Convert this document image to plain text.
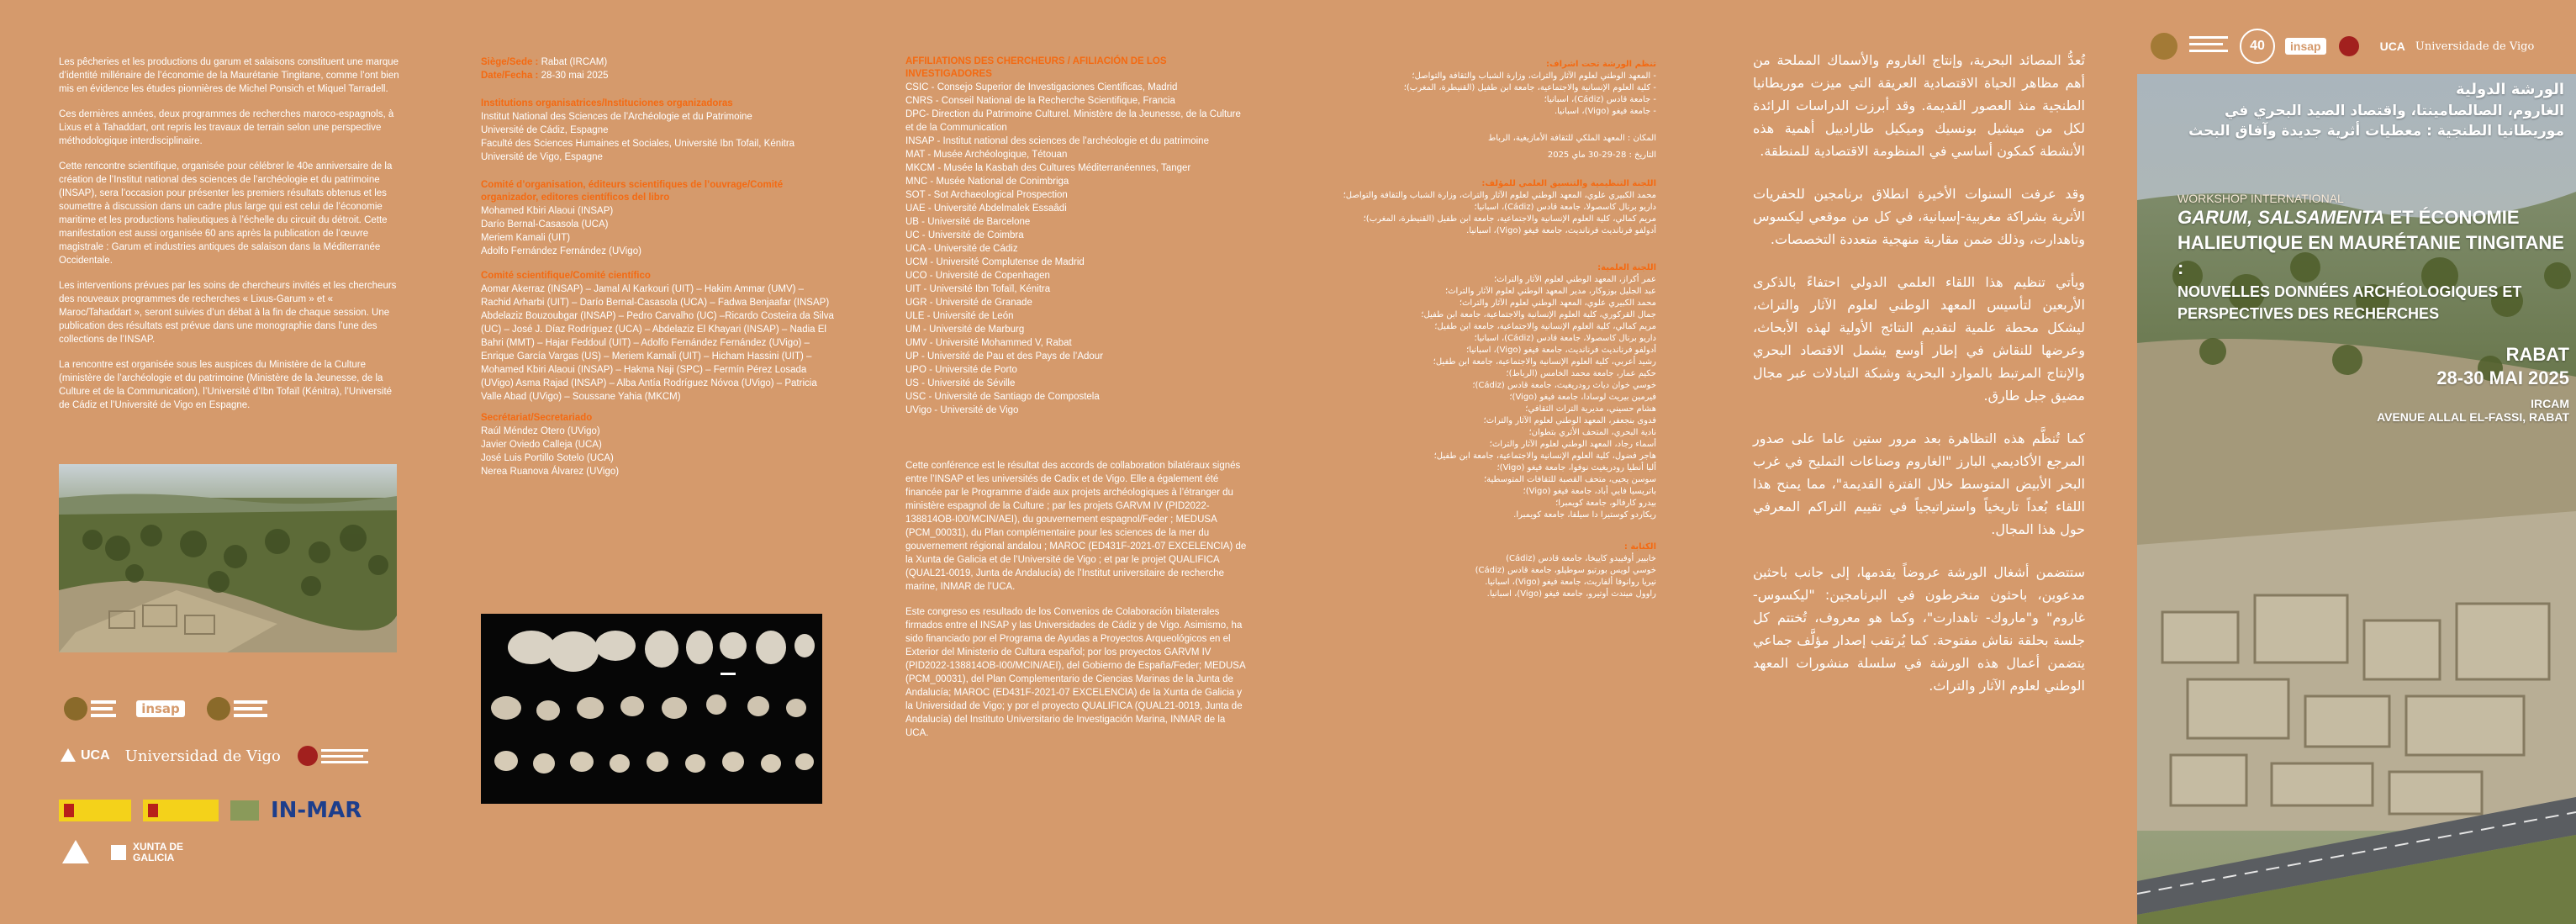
Les pêcheries et les productions du garum et salaisons constituent une marque d’identité millénaire de l’économie de la Maurétanie Tingitane, comme l’ont bien mis en évidence les études pionnières de Michel Ponsich et Miquel Tarradell.

Ces dernières années, deux programmes de recherches maroco-espagnols, à Lixus et à Tahaddart, ont repris les travaux de terrain selon une perspective méthodologique interdisciplinaire.

Cette rencontre scientifique, organisée pour célébrer le 40e anniversaire de la création de l’Institut national des sciences de l’archéologie et du patrimoine (INSAP), sera l’occasion pour présenter les premiers résultats obtenus et les soumettre à discussion dans un cadre plus large qui est celui de l’économie maritime et les productions halieutiques à l’échelle du circuit du détroit. Cette manifestation est aussi organisée 60 ans après la publication de l’œuvre magistrale : Garum et industries antiques de salaison dans la Méditerranée Occidentale.

Les interventions prévues par les soins de chercheurs invités et les chercheurs des nouveaux programmes de recherches « Lixus-Garum » et « Maroc/Tahaddart », seront suivies d’un débat à la fin de chaque session. Une publication des résultats est prévue dans une monographie dans l’une des collections de l’INSAP.

La rencontre est organisée sous les auspices du Ministère de la Culture (ministère de l’archéologie et du patrimoine (Ministère de la Jeunesse, de la Culture et de la Communication), l’Université d’Ibn Tofaïl (Kénitra), l’Université de Cádiz et l’Université de Vigo en Espagne.

insap
UCA Universidad de Vigo
IN-MAR
XUNTA DE GALICIA
Siège/Sede : Rabat (IRCAM)
Date/Fecha : 28-30 mai 2025
Institutions organisatrices/Instituciones organizadoras
Institut National des Sciences de l’Archéologie et du Patrimoine
Université de Cádiz, Espagne
Faculté des Sciences Humaines et Sociales, Université Ibn Tofail, Kénitra
Université de Vigo, Espagne
Comité d’organisation, éditeurs scientifiques de l’ouvrage/Comité organizador, editores científicos del libro
Mohamed Kbiri Alaoui (INSAP)
Darío Bernal-Casasola (UCA)
Meriem Kamali (UIT)
Adolfo Fernández Fernández (UVigo)
Comité scientifique/Comité científico
Aomar Akerraz (INSAP) – Jamal Al Karkouri (UIT) – Hakim Ammar (UMV) – Rachid Arharbi (UIT) – Darío Bernal-Casasola (UCA) – Fadwa Benjaafar (INSAP) Abdelaziz Bouzoubgar (INSAP) – Pedro Carvalho (UC) –Ricardo Costeira da Silva (UC) – José J. Díaz Rodríguez (UCA) – Abdelaziz El Khayari (INSAP) – Nadia El Bahri (MMT) – Hajar Feddoul (UIT) – Adolfo Fernández Fernández (UVigo) – Enrique García Vargas (US) – Meriem Kamali (UIT) – Hicham Hassini (UIT) – Mohamed Kbiri Alaoui (INSAP) – Hakma Naji (SPC) – Fermín Pérez Losada (UVigo) Asma Rajad (INSAP) – Alba Antía Rodríguez Nóvoa (UVigo) – Patricia Valle Abad (UVigo) – Soussane Yahia (MKCM)
Secrétariat/Secretariado
Raúl Méndez Otero (UVigo)
Javier Oviedo Calleja (UCA)
José Luis Portillo Sotelo (UCA)
Nerea Ruanova Álvarez (UVigo)
AFFILIATIONS DES CHERCHEURS / AFILIACIÓN DE LOS INVESTIGADORES
CSIC - Consejo Superior de Investigaciones Científicas, Madrid
CNRS - Conseil National de la Recherche Scientifique, Francia
DPC- Direction du Patrimoine Culturel. Ministère de la Jeunesse, de la Culture et de la Communication
INSAP - Institut national des sciences de l’archéologie et du patrimoine
MAT - Musée Archéologique, Tétouan
MKCM - Musée la Kasbah des Cultures Méditerranéennes, Tanger
MNC - Musée National de Conimbriga
SOT - Sot Archaeological Prospection
UAE - Université Abdelmalek Essaâdi
UB - Université de Barcelone
UC - Université de Coimbra
UCA - Université de Cádiz
UCM - Université Complutense de Madrid
UCO - Université de Copenhagen
UIT - Université Ibn Tofaïl, Kénitra
UGR - Université de Granade
ULE - Université de León
UM - Université de Marburg
UMV - Université Mohammed V, Rabat
UP - Université de Pau et des Pays de l’Adour
UPO - Université de Porto
US - Université de Séville
USC - Université de Santiago de Compostela
UVigo - Université de Vigo

Cette conférence est le résultat des accords de collaboration bilatéraux signés entre l’INSAP et les universités de Cadix et de Vigo. Elle a également été financée par le Programme d’aide aux projets archéologiques à l’étranger du ministère espagnol de la Culture ; par les projets GARVM IV (PID2022-138814OB-I00/MCIN/AEI), du gouvernement espagnol/Feder ; MEDUSA (PCM_00031), du Plan complémentaire pour les sciences de la mer du gouvernement régional andalou ; MAROC (ED431F-2021-07 EXCELENCIA) de la Xunta de Galicia et de l’Université de Vigo ; et par le projet QUALIFICA (QUAL21-0019, Junta de Andalucía) de l’Institut universitaire de recherche marine, INMAR de l’UCA.

Este congreso es resultado de los Convenios de Colaboración bilaterales firmados entre el INSAP y las Universidades de Cádiz y de Vigo. Asimismo, ha sido financiado por el Programa de Ayudas a Proyectos Arqueológicos en el Exterior del Ministerio de Cultura español; por los proyectos GARVM IV (PID2022-138814OB-I00/MCIN/AEI), del Gobierno de España/Feder; MEDUSA (PCM_00031), del Plan Complementario de Ciencias Marinas de la Junta de Andalucía; MAROC (ED431F-2021-07 EXCELENCIA) de la Xunta de Galicia y la Universidad de Vigo; y por el proyecto QUALIFICA (QUAL21-0019, Junta de Andalucía) del Instituto Universitario de Investigación Marina, INMAR de la UCA.

تنظم الورشة تحت اشراف:
- المعهد الوطني لعلوم الآثار والتراث، وزارة الشباب والثقافة والتواصل؛
- كلية العلوم الإنسانية والاجتماعية، جامعة ابن طفيل (القنيطرة، المغرب)؛
- جامعة قادس (Cádiz)، اسبانيا؛
- جامعة فيغو (Vigo)، اسبانيا.
المكان : المعهد الملكي للثقافة الأمازيغية، الرباط
التاريخ : 28-29-30 ماي 2025
اللجنة التنظيمية والتنسيق العلمي للمؤلف:
محمد الكبيري علوي، المعهد الوطني لعلوم الآثار والتراث، وزارة الشباب والثقافة والتواصل؛
داريو برنال كاسصولا، جامعة قادس (Cádiz)، اسبانيا؛
مريم كمالي، كلية العلوم الإنسانية والاجتماعية، جامعة ابن طفيل (القنيطرة، المغرب)؛
أدولفو فرنانديث فرنانديث، جامعة فيغو (Vigo)، اسبانيا.
اللجنة العلمية:
عمر أكراز، المعهد الوطني لعلوم الآثار والتراث؛
عبد الجليل بوزوكار، مدير المعهد الوطني لعلوم الآثار والتراث؛
محمد الكبيري علوي، المعهد الوطني لعلوم الآثار والتراث؛
جمال القركوري، كلية العلوم الإنسانية والاجتماعية، جامعة ابن طفيل؛
مريم كمالي، كلية العلوم الإنسانية والاجتماعية، جامعة ابن طفيل؛
داريو برنال كاسصولا، جامعة قادس (Cádiz)، اسبانيا؛
أدولفو فرنانديث فرنانديث، جامعة فيغو (Vigo)، اسبانيا؛
رشيد أعربي، كلية العلوم الإنسانية والاجتماعية، جامعة ابن طفيل؛
حكيم عمار، جامعة محمد الخامس (الرباط)؛
خوسي خوان دياث رودريغيث، جامعة قادس (Cádiz)؛
فيرمين بيريث لوسادا، جامعة فيغو (Vigo)؛
هشام حسيني، مديرية التراث الثقافي؛
فدوى بنجعفر، المعهد الوطني لعلوم الآثار والتراث؛
نادية البحري، المتحف الأثري بتطوان؛
أسماء رجاد، المعهد الوطني لعلوم الآثار والتراث؛
هاجر فضول، كلية العلوم الإنسانية والاجتماعية، جامعة ابن طفيل؛
ألبا أنطيا رودريغيث نوفوا، جامعة فيغو (Vigo)؛
سوسن يحيى، متحف القصبة للثقافات المتوسطية؛
باتريسيا فايي أباد، جامعة فيغو (Vigo)؛
بيدرو كارفالو، جامعة كويمبرا؛
ريكاردو كوستيرا دا سيلفا، جامعة كويمبرا.
الكتابة :
خابيير أوفييدو كاييخا، جامعة قادس (Cádiz)
خوسي لويس بورتيو سوطيلو، جامعة قادس (Cádiz)
نيريا روانوفا ألفاريث، جامعة فيغو (Vigo)، اسبانيا.
راوول ميندث أوتيرو، جامعة فيغو (Vigo)، اسبانيا.

تُعدُّ المصائد البحرية، وإنتاج الغاروم والأسماك المملحة من أهم مظاهر الحياة الاقتصادية العريقة التي ميزت موريطانيا الطنجية منذ العصور القديمة. وقد أبرزت الدراسات الرائدة لكل من ميشيل بونسيك وميكيل طارادييل أهمية هذه الأنشطة كمكون أساسي في المنظومة الاقتصادية للمنطقة.

وقد عرفت السنوات الأخيرة انطلاق برنامجين للحفريات الأثرية بشراكة مغربية-إسبانية، في كل من موقعي ليكسوس وتاهدارت، وذلك ضمن مقاربة منهجية متعددة التخصصات.

ويأتي تنظيم هذا اللقاء العلمي الدولي احتفاءً بالذكرى الأربعين لتأسيس المعهد الوطني لعلوم الآثار والتراث، ليشكل محطة علمية لتقديم النتائج الأولية لهذه الأبحاث، وعرضها للنقاش في إطار أوسع يشمل الاقتصاد البحري والإنتاج المرتبط بالموارد البحرية وشبكة التبادلات عبر مجال مضيق جبل طارق.

كما تُنظَّم هذه التظاهرة بعد مرور ستين عاما على صدور المرجع الأكاديمي البارز "الغاروم وصناعات التمليح في غرب البحر الأبيض المتوسط خلال الفترة القديمة"، مما يمنح هذا اللقاء بُعداً تاريخياً واستراتيجياً في تقييم التراكم المعرفي حول هذا المجال.

ستتضمن أشغال الورشة عروضاً يقدمها، إلى جانب باحثين مدعوين، باحثون منخرطون في البرنامجين: "ليكسوس-غاروم" و"ماروك- تاهدارت"، وكما هو معروف، تُختتم كل جلسة بحلقة نقاش مفتوحة. كما يُرتقب إصدار مؤلَّف جماعي يتضمن أعمال هذه الورشة في سلسلة منشورات المعهد الوطني لعلوم الآثار والتراث.

40	insap	UCA Universidade de Vigo
الورشة الدولية
الغاروم، الصالصامينتا، واقتصاد الصيد البحري في
موريطانيا الطنجية : معطيات أثرية جديدة وآفاق البحث
WORKSHOP INTERNATIONAL
GARUM, SALSAMENTA ET ÉCONOMIE
HALIEUTIQUE EN MAURÉTANIE TINGITANE :
NOUVELLES DONNÉES ARCHÉOLOGIQUES ET
PERSPECTIVES DES RECHERCHES
RABAT
28-30 MAI 2025
IRCAM
AVENUE ALLAL EL-FASSI, RABAT
